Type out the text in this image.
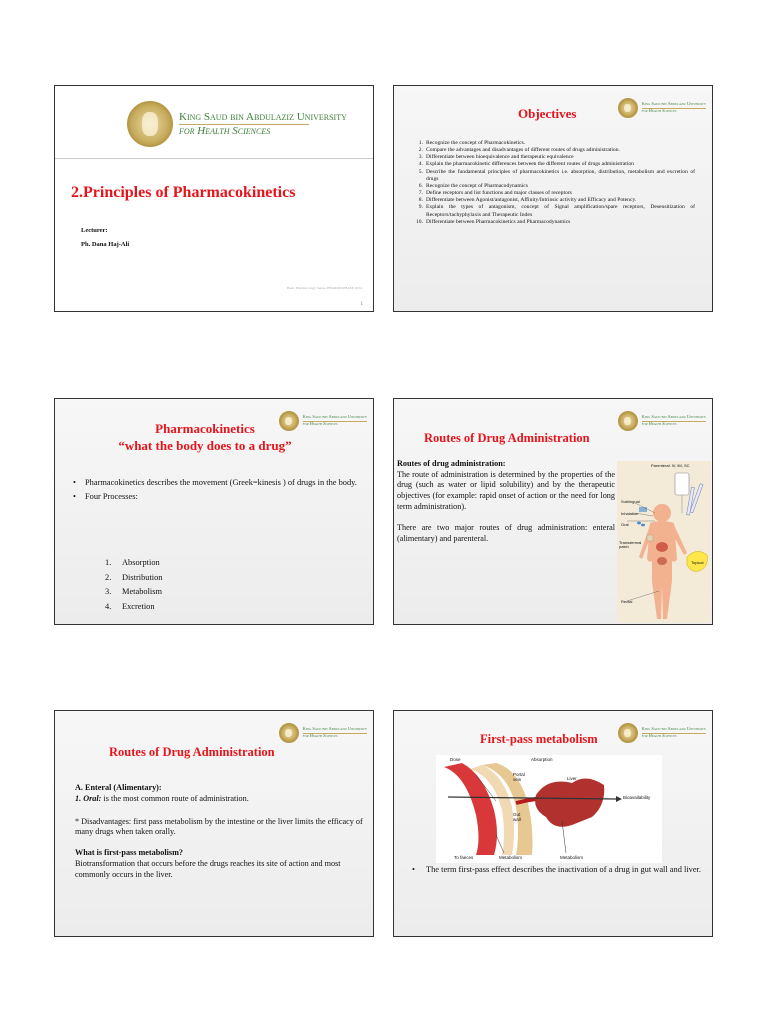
King Saud bin Abdulaziz University
for Health Sciences
2.Principles of Pharmacokinetics
Lecturer:
Ph. Dana Haj-Ali
Basic Pharmacology Series. PHARMD PHASE 2014
1
King Saud bin Abdulaziz University
for Health Sciences
Objectives
1. Recognize the concept of Pharmacokinetics.
2. Compare the advantages and disadvantages of different routes of drugs administration.
3. Differentiate between bioequivalence and therapeutic equivalence
4. Explain the pharmacokinetic differences between the different routes of drugs administration
5. Describe the fundamental principles of pharmacokinetics i.e. absorption, distribution, metabolism and excretion of drugs
6. Recognize the concept of Pharmacodynamics
7. Define receptors and list functions and major classes of receptors
8. Differentiate between Agonist/antagonist, Affinity/Intrinsic activity and Efficacy and Potency.
9. Explain the types of antagonism, concept of Signal amplification/spare receptors, Desensitization of Receptors/tachyphylaxis and Therapeutic Index
10. Differentiate between Pharmacokinetics and Pharmacodynamics
King Saud bin Abdulaziz University
for Health Sciences
Pharmacokinetics
“what the body does to a drug”
•	Pharmacokinetics describes the movement (Greek=kinesis ) of drugs in the body.
•	Four Processes:
1.	Absorption
2.	Distribution
3.	Metabolism
4.	Excretion
King Saud bin Abdulaziz University
for Health Sciences
Routes of Drug Administration
Routes of drug administration:
The route of administration is determined by the properties of the drug (such as water or lipid solubility) and by the therapeutic objectives (for example: rapid onset of action or the need for long term administration).
There are two major routes of drug administration: enteral (alimentary) and parenteral.
Parenteral: IV, IM, SC
Sublingual
Inhalation
Oral
Transdermal patch
Topical
Rectal
King Saud bin Abdulaziz University
for Health Sciences
Routes of Drug Administration

A. Enteral (Alimentary):

1. Oral: is the most common route of administration.

* Disadvantages: first pass metabolism by the intestine or the liver limits the efficacy of many drugs when taken orally.

What is first-pass metabolism?

Biotransformation that occurs before the drugs reaches its site of action and most commonly occurs in the liver.

King Saud bin Abdulaziz University
for Health Sciences
First-pass metabolism
Dose	Absorption
Portal vein	Liver
Bioavailability
Gut wall
To faeces	Metabolism	Metabolism
•	The term first-pass effect describes the inactivation of a drug in gut wall and liver.
